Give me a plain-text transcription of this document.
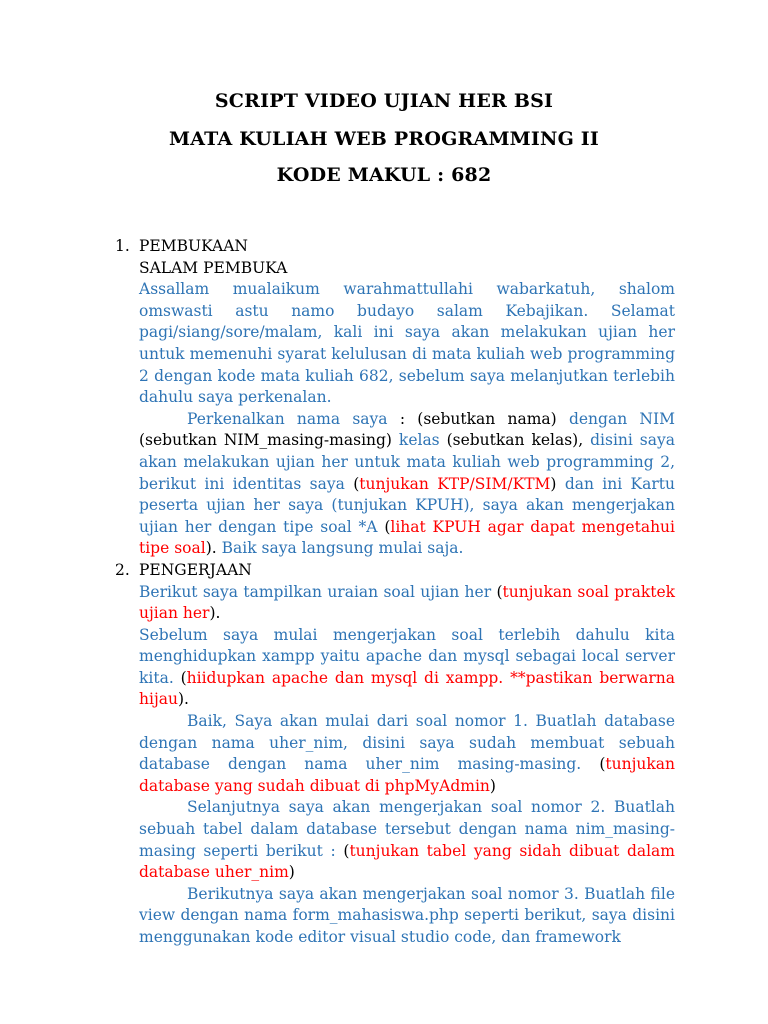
SCRIPT VIDEO UJIAN HER BSI
MATA KULIAH WEB PROGRAMMING II
KODE MAKUL : 682
1. PEMBUKAAN
SALAM PEMBUKA

Assallam mualaikum warahmattullahi wabarkatuh, shalom omswasti astu namo budayo salam Kebajikan. Selamat pagi/siang/sore/malam, kali ini saya akan melakukan ujian her untuk memenuhi syarat kelulusan di mata kuliah web programming 2 dengan kode mata kuliah 682, sebelum saya melanjutkan terlebih dahulu saya perkenalan.

Perkenalkan nama saya : (sebutkan nama) dengan NIM (sebutkan NIM_masing-masing) kelas (sebutkan kelas), disini saya akan melakukan ujian her untuk mata kuliah web programming 2, berikut ini identitas saya (tunjukan KTP/SIM/KTM) dan ini Kartu peserta ujian her saya (tunjukan KPUH), saya akan mengerjakan ujian her dengan tipe soal *A (lihat KPUH agar dapat mengetahui tipe soal). Baik saya langsung mulai saja.

2. PENGERJAAN

Berikut saya tampilkan uraian soal ujian her (tunjukan soal praktek ujian her).

Sebelum saya mulai mengerjakan soal terlebih dahulu kita menghidupkan xampp yaitu apache dan mysql sebagai local server kita. (hiidupkan apache dan mysql di xampp. **pastikan berwarna hijau).

Baik, Saya akan mulai dari soal nomor 1. Buatlah database dengan nama uher_nim, disini saya sudah membuat sebuah database dengan nama uher_nim masing-masing. (tunjukan database yang sudah dibuat di phpMyAdmin)

Selanjutnya saya akan mengerjakan soal nomor 2. Buatlah sebuah tabel dalam database tersebut dengan nama nim_masing-masing seperti berikut : (tunjukan tabel yang sidah dibuat dalam database uher_nim)

Berikutnya saya akan mengerjakan soal nomor 3. Buatlah file view dengan nama form_mahasiswa.php seperti berikut, saya disini menggunakan kode editor visual studio code, dan framework
